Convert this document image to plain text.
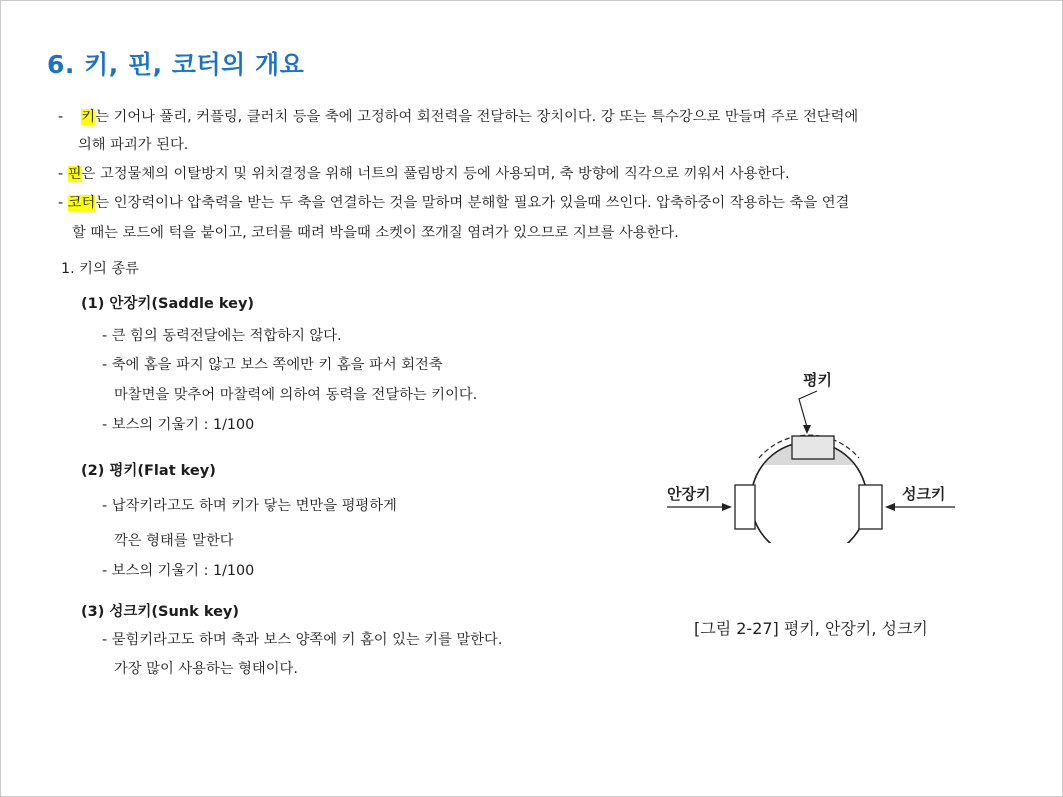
6. 키, 핀, 코터의 개요
- 키는 기어나 풀리, 커플링, 클러치 등을 축에 고정하여 회전력을 전달하는 장치이다. 강 또는 특수강으로 만들며 주로 전단력에
의해 파괴가 된다.
- 핀은 고정물체의 이탈방지 및 위치결정을 위해 너트의 풀림방지 등에 사용되며, 축 방향에 직각으로 끼워서 사용한다.
- 코터는 인장력이나 압축력을 받는 두 축을 연결하는 것을 말하며 분해할 필요가 있을때 쓰인다. 압축하중이 작용하는 축을 연결
할 때는 로드에 턱을 붙이고, 코터를 때려 박을때 소켓이 쪼개질 염려가 있으므로 지브를 사용한다.
1. 키의 종류
(1) 안장키(Saddle key)
- 큰 힘의 동력전달에는 적합하지 않다.
- 축에 홈을 파지 않고 보스 쪽에만 키 홈을 파서 회전축
마찰면을 맞추어 마찰력에 의하여 동력을 전달하는 키이다.
- 보스의 기울기 : 1/100
(2) 평키(Flat key)
- 납작키라고도 하며 키가 닿는 면만을 평평하게
깍은 형태를 말한다
- 보스의 기울기 : 1/100
(3) 성크키(Sunk key)
- 묻힘키라고도 하며 축과 보스 양쪽에 키 홈이 있는 키를 말한다.
가장 많이 사용하는 형태이다.
평키
안장키	성크키
[그림 2-27] 평키, 안장키, 성크키
